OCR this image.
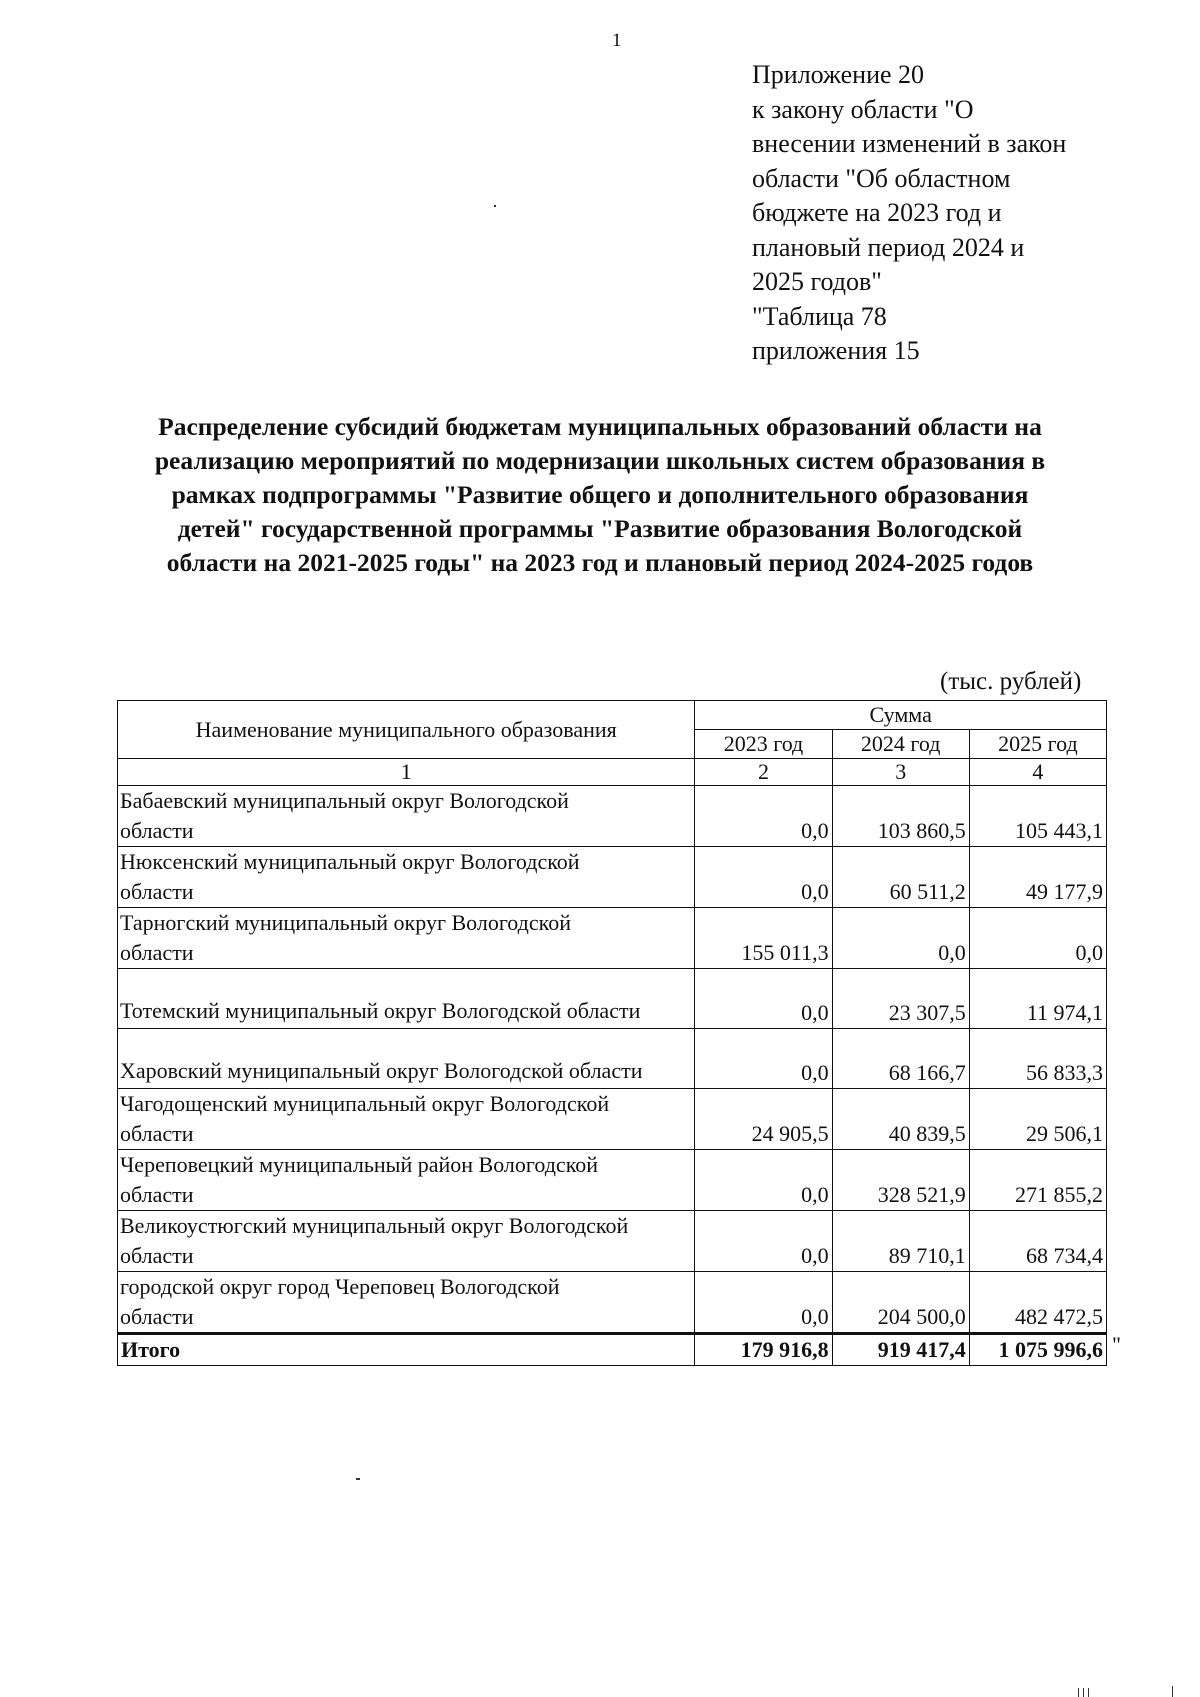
1
Приложение 20
к закону области "О
внесении изменений в закон
области "Об областном
бюджете на 2023 год и
плановый период 2024 и
2025 годов"
"Таблица 78
приложения 15
Распределение субсидий бюджетам муниципальных образований области на
реализацию мероприятий по модернизации школьных систем образования в
рамках подпрограммы "Развитие общего и дополнительного образования
детей" государственной программы "Развитие образования Вологодской
области на 2021-2025 годы" на 2023 год и плановый период 2024-2025 годов
(тыс. рублей)
Наименование муниципального образования	Сумма		
	2023 год	2024 год	2025 год
1	2	3	4

Бабаевский муниципальный округ Вологодской
области	0,0	103 860,5	105 443,1

Нюксенский муниципальный округ Вологодской
области	0,0	60 511,2	49 177,9

Тарногский муниципальный округ Вологодской
области	155 011,3	0,0	0,0

Тотемский муниципальный округ Вологодской области	0,0	23 307,5	11 974,1

Харовский муниципальный округ Вологодской области	0,0	68 166,7	56 833,3

Чагодощенский муниципальный округ Вологодской
области	24 905,5	40 839,5	29 506,1

Череповецкий муниципальный район Вологодской
области	0,0	328 521,9	271 855,2

Великоустюгский муниципальный округ Вологодской
области	0,0	89 710,1	68 734,4

городской округ город Череповец Вологодской
области	0,0	204 500,0	482 472,5
Итого	179 916,8	919 417,4	1 075 996,6 "
